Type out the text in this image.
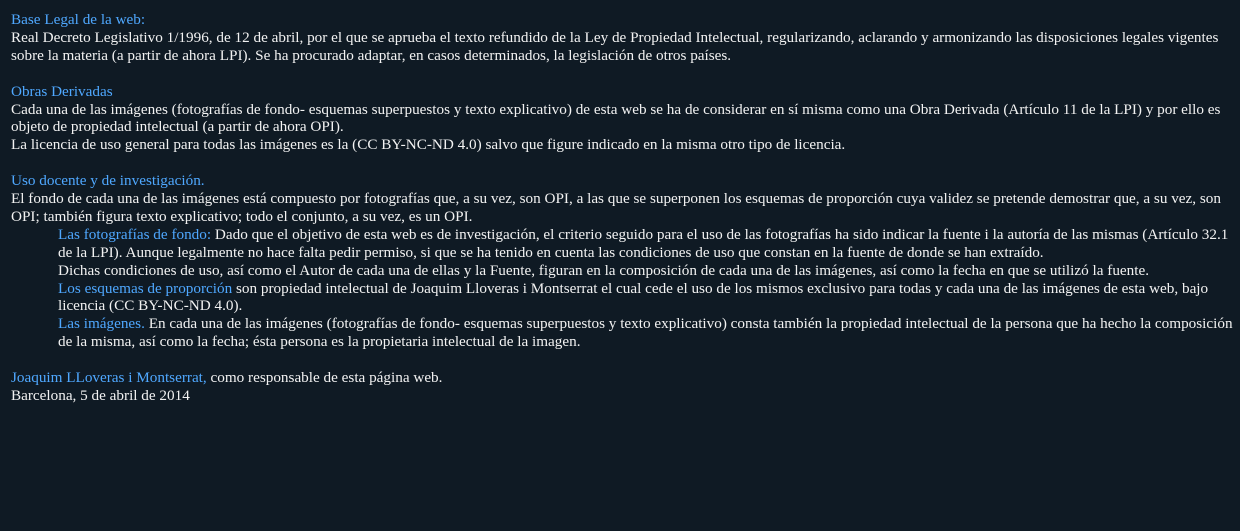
Base Legal de la web:
Real Decreto Legislativo 1/1996, de 12 de abril, por el que se aprueba el texto refundido de la Ley de Propiedad Intelectual, regularizando, aclarando y armonizando las disposiciones legales vigentes sobre la materia (a partir de ahora LPI). Se ha procurado adaptar, en casos determinados, la legislación de otros países.
Obras Derivadas
Cada una de las imágenes (fotografías de fondo- esquemas superpuestos y texto explicativo) de esta web se ha de considerar en sí misma como una Obra Derivada (Artículo 11 de la LPI) y por ello es objeto de propiedad intelectual (a partir de ahora OPI).
La licencia de uso general para todas las imágenes es la (CC BY-NC-ND 4.0) salvo que figure indicado en la misma otro tipo de licencia.
Uso docente y de investigación.
El fondo de cada una de las imágenes está compuesto por fotografías que, a su vez, son OPI, a las que se superponen los esquemas de proporción cuya validez se pretende demostrar que, a su vez, son OPI; también figura texto explicativo; todo el conjunto, a su vez, es un OPI.
Las fotografías de fondo: Dado que el objetivo de esta web es de investigación, el criterio seguido para el uso de las fotografías ha sido indicar la fuente i la autoría de las mismas (Artículo 32.1 de la LPI). Aunque legalmente no hace falta pedir permiso, si que se ha tenido en cuenta las condiciones de uso que constan en la fuente de donde se han extraído.
Dichas condiciones de uso, así como el Autor de cada una de ellas y la Fuente, figuran en la composición de cada una de las imágenes, así como la fecha en que se utilizó la fuente.
Los esquemas de proporción son propiedad intelectual de Joaquim Lloveras i Montserrat el cual cede el uso de los mismos exclusivo para todas y cada una de las imágenes de esta web, bajo licencia (CC BY-NC-ND 4.0).
Las imágenes. En cada una de las imágenes (fotografías de fondo- esquemas superpuestos y texto explicativo) consta también la propiedad intelectual de la persona que ha hecho la composición de la misma, así como la fecha; ésta persona es la propietaria intelectual de la imagen.
Joaquim LLoveras i Montserrat, como responsable de esta página web.
Barcelona, 5 de abril de 2014
